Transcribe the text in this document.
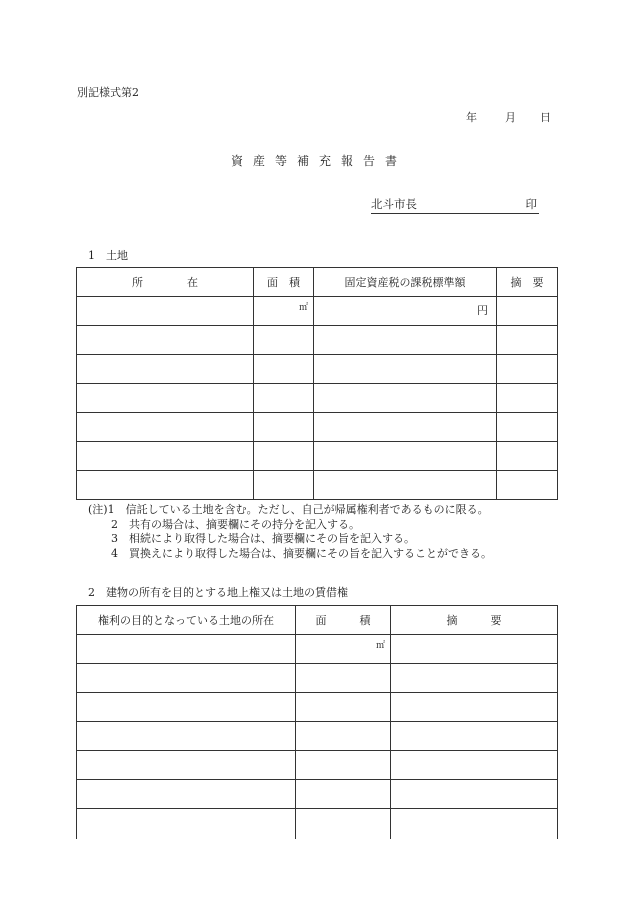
別記様式第2
年	月 日
資産等補充報告書
北斗市長	印
1　土地
所　　　　在	面　積	固定資産税の課税標準額	摘　要

	㎡	円	

(注)1　信託している土地を含む。ただし、自己が帰属権利者であるものに限る。
2　共有の場合は、摘要欄にその持分を記入する。
3　相続により取得した場合は、摘要欄にその旨を記入する。
4　買換えにより取得した場合は、摘要欄にその旨を記入することができる。
2　建物の所有を目的とする地上権又は土地の賃借権
権利の目的となっている土地の所在	面　　　積	摘　　　要

	㎡	
